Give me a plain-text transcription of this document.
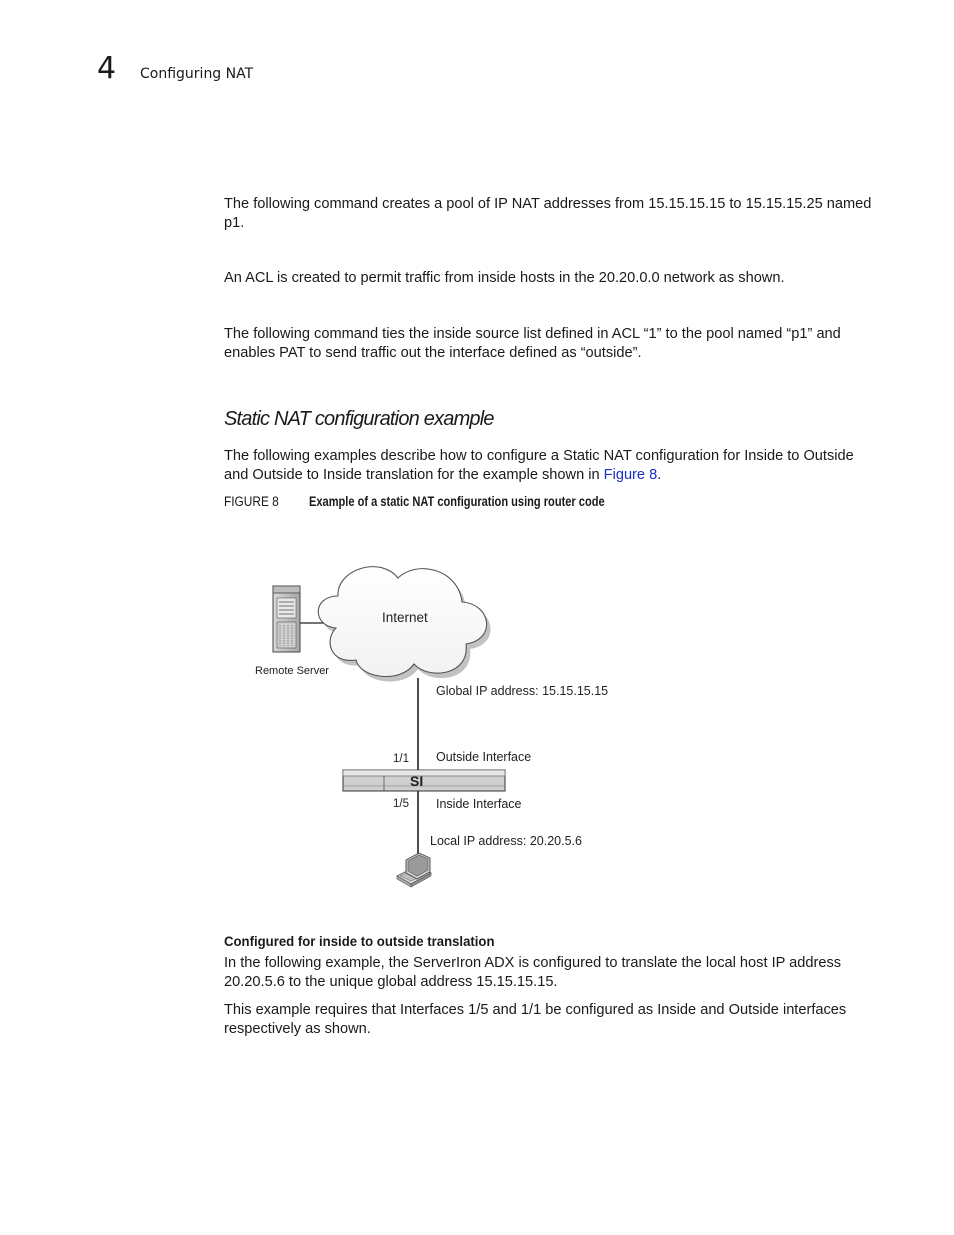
4 Configuring NAT

The following command creates a pool of IP NAT addresses from 15.15.15.15 to 15.15.15.25 named p1.

An ACL is created to permit traffic from inside hosts in the 20.20.0.0 network as shown.

The following command ties the inside source list defined in ACL “1” to the pool named “p1” and enables PAT to send traffic out the interface defined as “outside”.

Static NAT configuration example

The following examples describe how to configure a Static NAT configuration for Inside to Outside and Outside to Inside translation for the example shown in Figure 8.

FIGURE 8 Example of a static NAT configuration using router code
Internet
Remote Server
Global IP address: 15.15.15.15
1/1 Outside Interface
SI
1/5 Inside Interface
Local IP address: 20.20.5.6
Configured for inside to outside translation

In the following example, the ServerIron ADX is configured to translate the local host IP address 20.20.5.6 to the unique global address 15.15.15.15.

This example requires that Interfaces 1/5 and 1/1 be configured as Inside and Outside interfaces respectively as shown.
